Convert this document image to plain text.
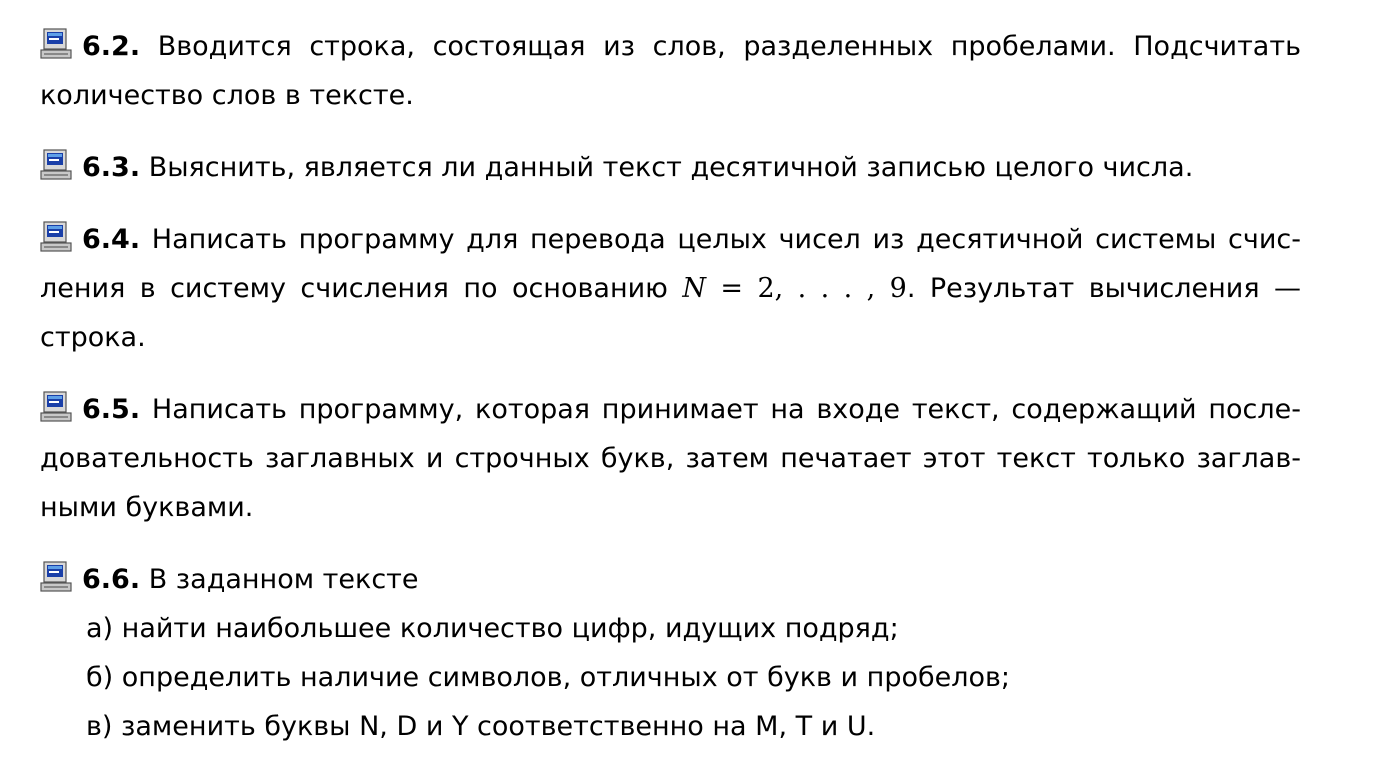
6.2. Вводится строка, состоящая из слов, разделенных пробелами. Подсчитать
количество слов в тексте.
6.3. Выяснить, является ли данный текст десятичной записью целого числа.
6.4. Написать программу для перевода целых чисел из десятичной системы счис-
ления в систему счисления по основанию N = 2, . . . , 9. Результат вычисления —
строка.
6.5. Написать программу, которая принимает на входе текст, содержащий после-
довательность заглавных и строчных букв, затем печатает этот текст только заглав-
ными буквами.
6.6. В заданном тексте
а) найти наибольшее количество цифр, идущих подряд;
б) определить наличие символов, отличных от букв и пробелов;
в) заменить буквы N, D и Y соответственно на M, T и U.
